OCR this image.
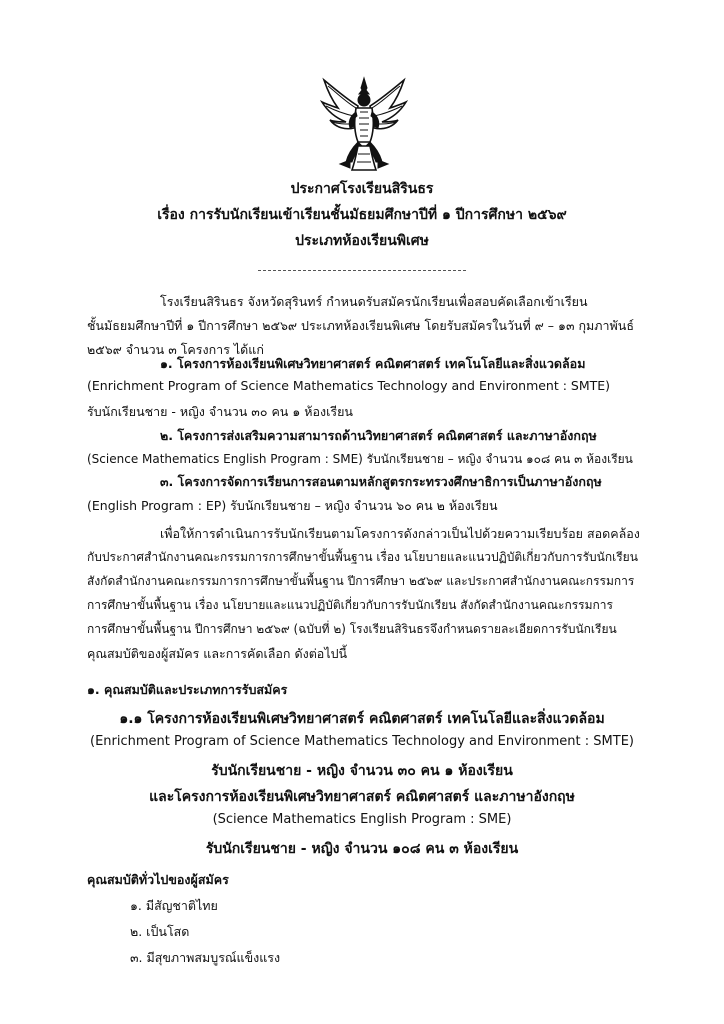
ประกาศโรงเรียนสิรินธร
เรื่อง การรับนักเรียนเข้าเรียนชั้นมัธยมศึกษาปีที่ ๑ ปีการศึกษา ๒๕๖๙
ประเภทห้องเรียนพิเศษ
โรงเรียนสิรินธร จังหวัดสุรินทร์ กำหนดรับสมัครนักเรียนเพื่อสอบคัดเลือกเข้าเรียน
ชั้นมัธยมศึกษาปีที่ ๑ ปีการศึกษา ๒๕๖๙ ประเภทห้องเรียนพิเศษ โดยรับสมัครในวันที่ ๙ – ๑๓ กุมภาพันธ์
๒๕๖๙ จำนวน ๓ โครงการ ได้แก่
๑. โครงการห้องเรียนพิเศษวิทยาศาสตร์ คณิตศาสตร์ เทคโนโลยีและสิ่งแวดล้อม
(Enrichment Program of Science Mathematics Technology and Environment : SMTE)
รับนักเรียนชาย - หญิง จำนวน ๓๐ คน ๑ ห้องเรียน
๒. โครงการส่งเสริมความสามารถด้านวิทยาศาสตร์ คณิตศาสตร์ และภาษาอังกฤษ
(Science Mathematics English Program : SME) รับนักเรียนชาย – หญิง จำนวน ๑๐๘ คน ๓ ห้องเรียน
๓. โครงการจัดการเรียนการสอนตามหลักสูตรกระทรวงศึกษาธิการเป็นภาษาอังกฤษ
(English Program : EP) รับนักเรียนชาย – หญิง จำนวน ๖๐ คน ๒ ห้องเรียน
เพื่อให้การดำเนินการรับนักเรียนตามโครงการดังกล่าวเป็นไปด้วยความเรียบร้อย สอดคล้อง
กับประกาศสำนักงานคณะกรรมการการศึกษาขั้นพื้นฐาน เรื่อง นโยบายและแนวปฏิบัติเกี่ยวกับการรับนักเรียน
สังกัดสำนักงานคณะกรรมการการศึกษาขั้นพื้นฐาน ปีการศึกษา ๒๕๖๙ และประกาศสำนักงานคณะกรรมการ
การศึกษาขั้นพื้นฐาน เรื่อง นโยบายและแนวปฏิบัติเกี่ยวกับการรับนักเรียน สังกัดสำนักงานคณะกรรมการ
การศึกษาขั้นพื้นฐาน ปีการศึกษา ๒๕๖๙ (ฉบับที่ ๒) โรงเรียนสิรินธรจึงกำหนดรายละเอียดการรับนักเรียน
คุณสมบัติของผู้สมัคร และการคัดเลือก ดังต่อไปนี้
๑. คุณสมบัติและประเภทการรับสมัคร
๑.๑ โครงการห้องเรียนพิเศษวิทยาศาสตร์ คณิตศาสตร์ เทคโนโลยีและสิ่งแวดล้อม
(Enrichment Program of Science Mathematics Technology and Environment : SMTE)
รับนักเรียนชาย - หญิง จำนวน ๓๐ คน ๑ ห้องเรียน
และโครงการห้องเรียนพิเศษวิทยาศาสตร์ คณิตศาสตร์ และภาษาอังกฤษ
(Science Mathematics English Program : SME)
รับนักเรียนชาย - หญิง จำนวน ๑๐๘ คน ๓ ห้องเรียน
คุณสมบัติทั่วไปของผู้สมัคร
๑. มีสัญชาติไทย
๒. เป็นโสด
๓. มีสุขภาพสมบูรณ์แข็งแรง
